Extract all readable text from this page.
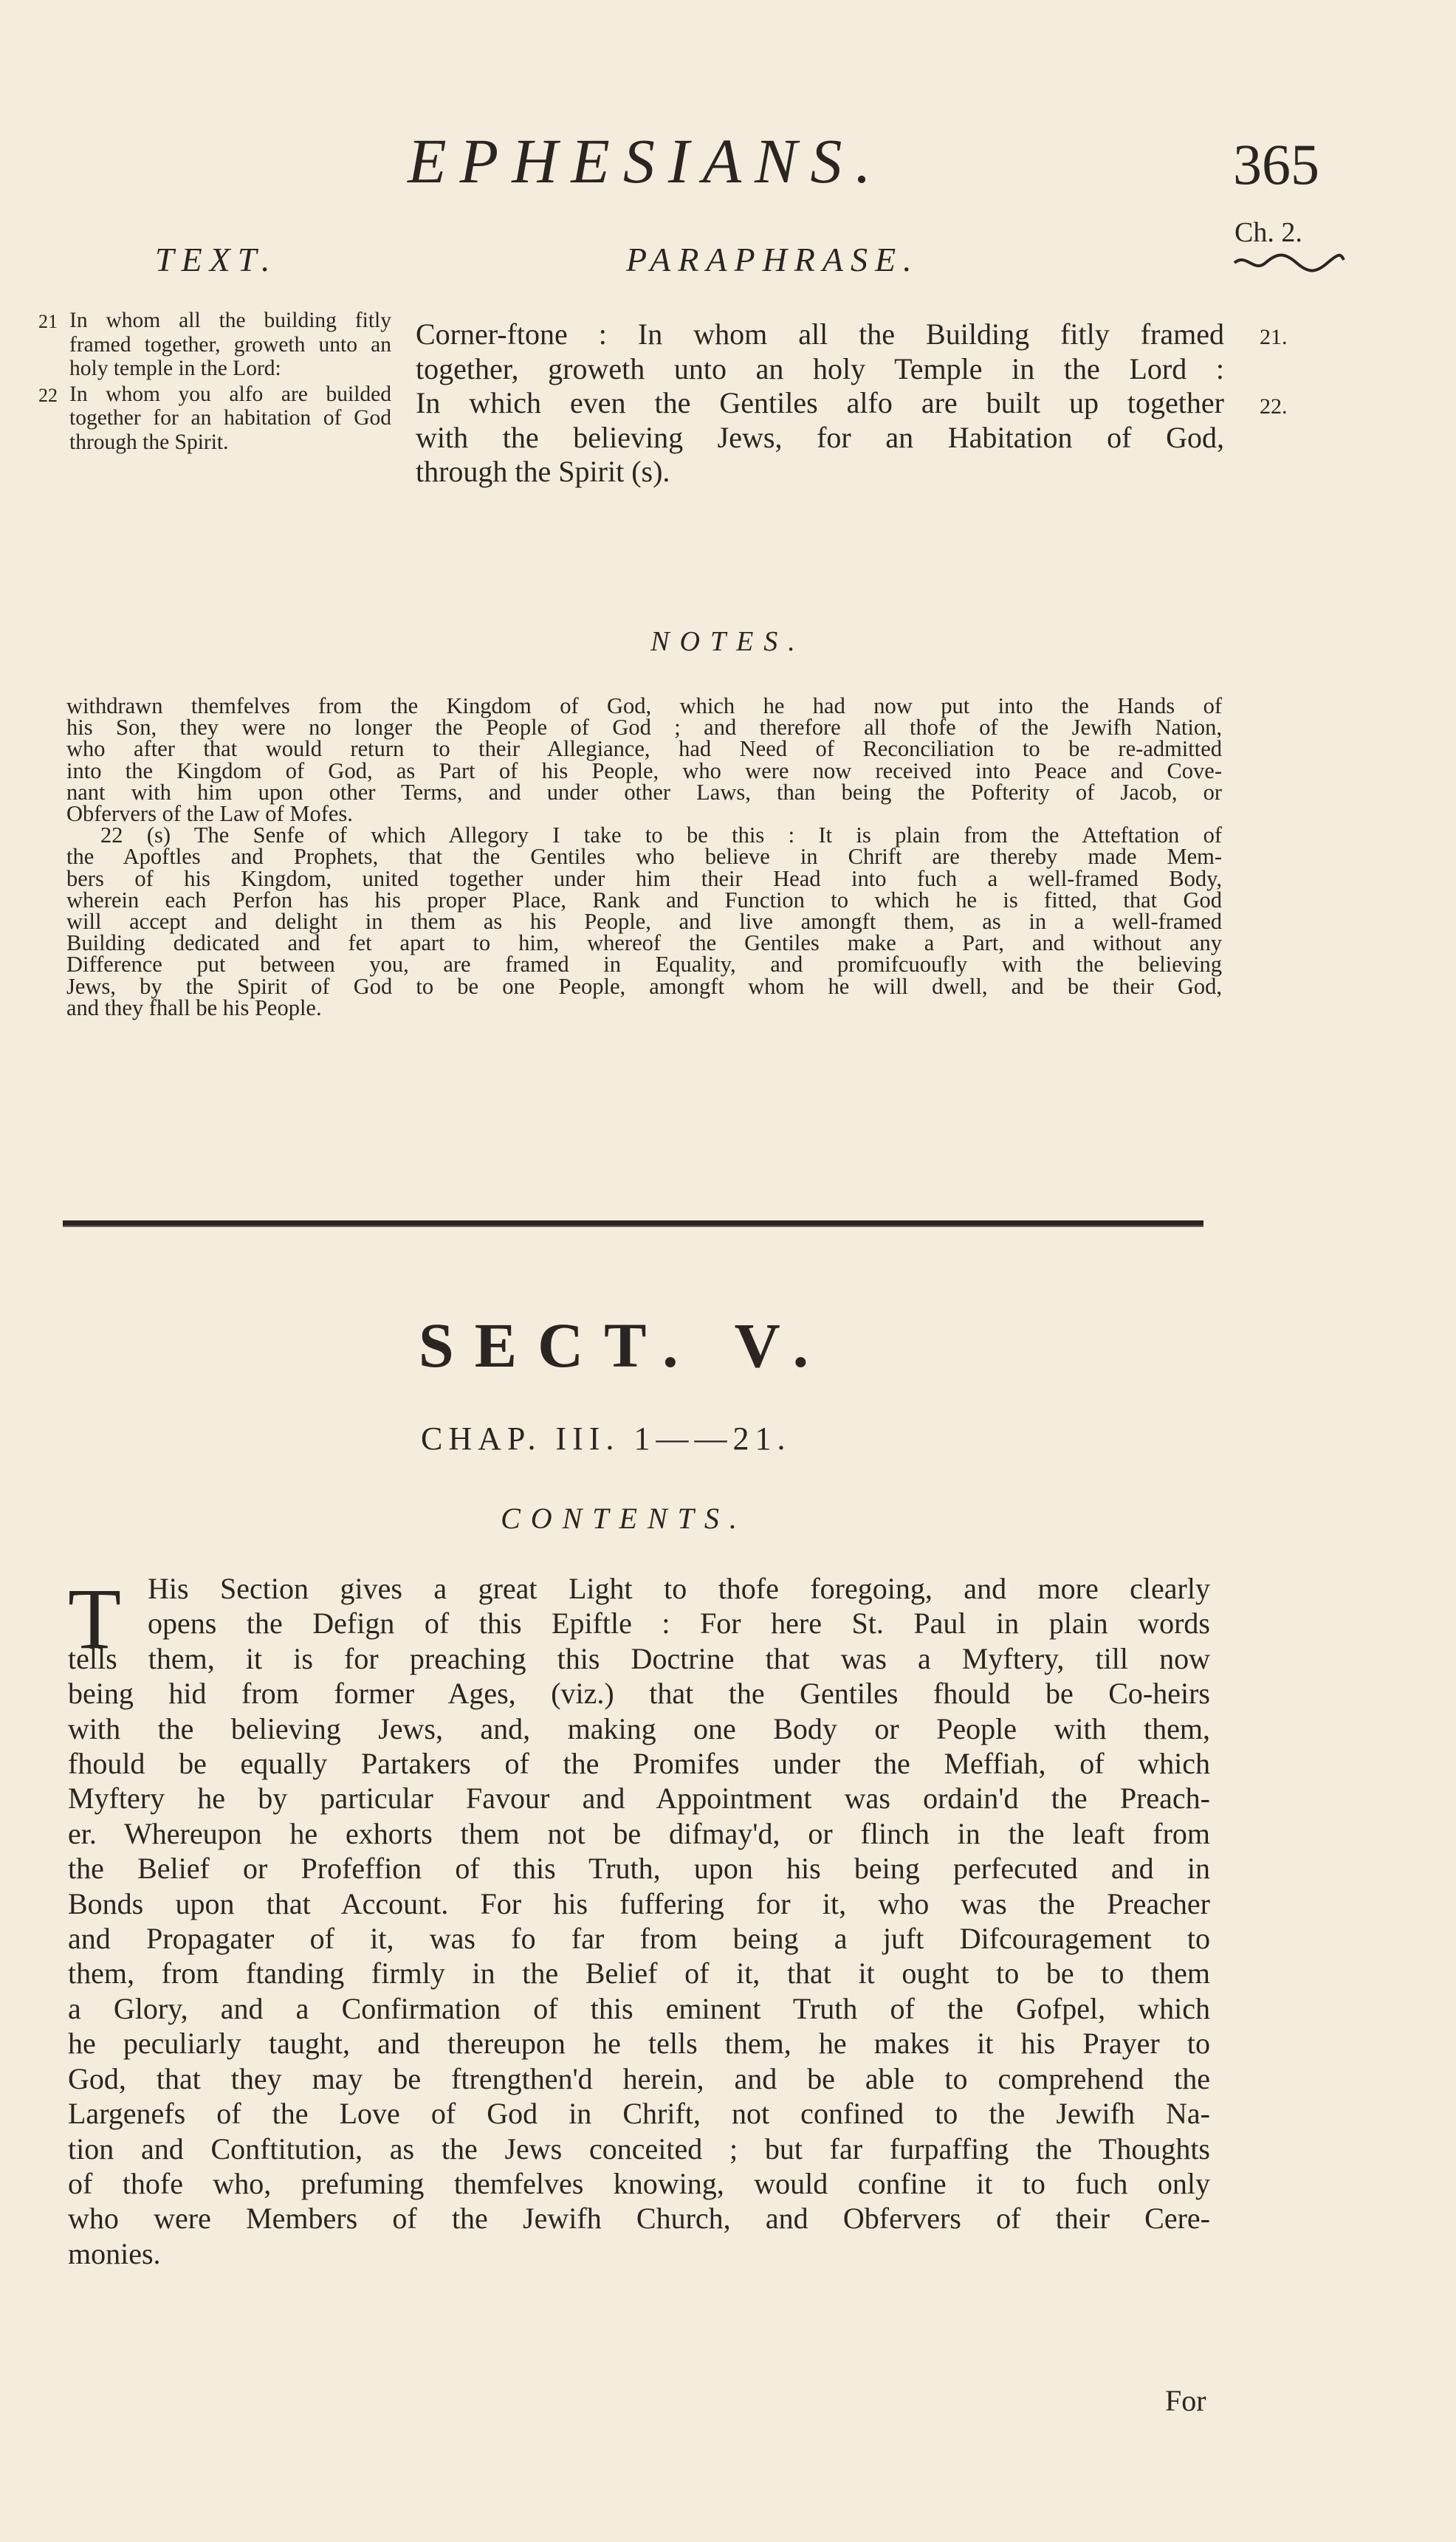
EPHESIANS.	365
Ch. 2.
TEXT.	PARAPHRASE.
21 In whom all the building fitly framed together, groweth unto an holy temple in the Lord:
22 In whom you alfo are builded together for an habitation of God through the Spirit.
Corner-ftone : In whom all the Building fitly framed
together, groweth unto an holy Temple in the Lord :
In which even the Gentiles alfo are built up together
with the believing Jews, for an Habitation of God,
through the Spirit (s).
21.
22.
NOTES.
withdrawn themfelves from the Kingdom of God, which he had now put into the Hands of
his Son, they were no longer the People of God ; and therefore all thofe of the Jewifh Nation,
who after that would return to their Allegiance, had Need of Reconciliation to be re-admitted
into the Kingdom of God, as Part of his People, who were now received into Peace and Cove-
nant with him upon other Terms, and under other Laws, than being the Pofterity of Jacob, or
Obfervers of the Law of Mofes.
22 (s) The Senfe of which Allegory I take to be this : It is plain from the Atteftation of
the Apoftles and Prophets, that the Gentiles who believe in Chrift are thereby made Mem-
bers of his Kingdom, united together under him their Head into fuch a well-framed Body,
wherein each Perfon has his proper Place, Rank and Function to which he is fitted, that God
will accept and delight in them as his People, and live amongft them, as in a well-framed
Building dedicated and fet apart to him, whereof the Gentiles make a Part, and without any
Difference put between you, are framed in Equality, and promifcuoufly with the believing
Jews, by the Spirit of God to be one People, amongft whom he will dwell, and be their God,
and they fhall be his People.
SECT. V.
CHAP. III. 1——21.
CONTENTS.
T His Section gives a great Light to thofe foregoing, and more clearly
opens the Defign of this Epiftle : For here St. Paul in plain words
tells them, it is for preaching this Doctrine that was a Myftery, till now
being hid from former Ages, (viz.) that the Gentiles fhould be Co-heirs
with the believing Jews, and, making one Body or People with them,
fhould be equally Partakers of the Promifes under the Meffiah, of which
Myftery he by particular Favour and Appointment was ordain'd the Preach-
er. Whereupon he exhorts them not be difmay'd, or flinch in the leaft from
the Belief or Profeffion of this Truth, upon his being perfecuted and in
Bonds upon that Account. For his fuffering for it, who was the Preacher
and Propagater of it, was fo far from being a juft Difcouragement to
them, from ftanding firmly in the Belief of it, that it ought to be to them
a Glory, and a Confirmation of this eminent Truth of the Gofpel, which
he peculiarly taught, and thereupon he tells them, he makes it his Prayer to
God, that they may be ftrengthen'd herein, and be able to comprehend the
Largenefs of the Love of God in Chrift, not confined to the Jewifh Na-
tion and Conftitution, as the Jews conceited ; but far furpaffing the Thoughts
of thofe who, prefuming themfelves knowing, would confine it to fuch only
who were Members of the Jewifh Church, and Obfervers of their Cere-
monies.
For
